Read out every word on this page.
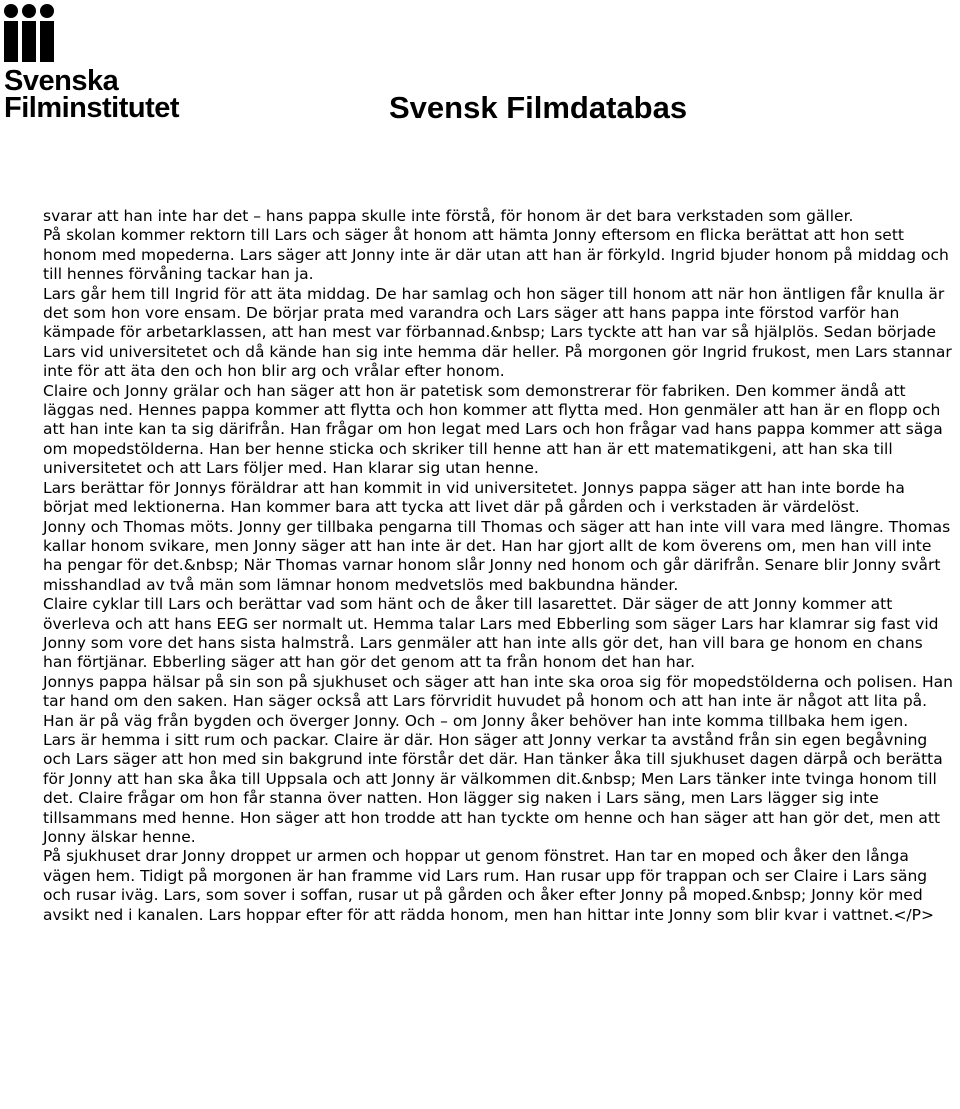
Svenska
Filminstitutet	Svensk Filmdatabas
svarar att han inte har det – hans pappa skulle inte förstå, för honom är det bara verkstaden som gäller.
På skolan kommer rektorn till Lars och säger åt honom att hämta Jonny eftersom en flicka berättat att hon sett honom med mopederna. Lars säger att Jonny inte är där utan att han är förkyld. Ingrid bjuder honom på middag och till hennes förvåning tackar han ja.
Lars går hem till Ingrid för att äta middag. De har samlag och hon säger till honom att när hon äntligen får knulla är det som hon vore ensam. De börjar prata med varandra och Lars säger att hans pappa inte förstod varför han kämpade för arbetarklassen, att han mest var förbannad.&nbsp; Lars tyckte att han var så hjälplös. Sedan började Lars vid universitetet och då kände han sig inte hemma där heller. På morgonen gör Ingrid frukost, men Lars stannar inte för att äta den och hon blir arg och vrålar efter honom.
Claire och Jonny grälar och han säger att hon är patetisk som demonstrerar för fabriken. Den kommer ändå att läggas ned. Hennes pappa kommer att flytta och hon kommer att flytta med. Hon genmäler att han är en flopp och att han inte kan ta sig därifrån. Han frågar om hon legat med Lars och hon frågar vad hans pappa kommer att säga om mopedstölderna. Han ber henne sticka och skriker till henne att han är ett matematikgeni, att han ska till universitetet och att Lars följer med. Han klarar sig utan henne.
Lars berättar för Jonnys föräldrar att han kommit in vid universitetet. Jonnys pappa säger att han inte borde ha börjat med lektionerna. Han kommer bara att tycka att livet där på gården och i verkstaden är värdelöst.
Jonny och Thomas möts. Jonny ger tillbaka pengarna till Thomas och säger att han inte vill vara med längre. Thomas kallar honom svikare, men Jonny säger att han inte är det. Han har gjort allt de kom överens om, men han vill inte ha pengar för det.&nbsp; När Thomas varnar honom slår Jonny ned honom och går därifrån. Senare blir Jonny svårt misshandlad av två män som lämnar honom medvetslös med bakbundna händer.
Claire cyklar till Lars och berättar vad som hänt och de åker till lasarettet. Där säger de att Jonny kommer att överleva och att hans EEG ser normalt ut. Hemma talar Lars med Ebberling som säger Lars har klamrar sig fast vid Jonny som vore det hans sista halmstrå. Lars genmäler att han inte alls gör det, han vill bara ge honom en chans han förtjänar. Ebberling säger att han gör det genom att ta från honom det han har.
Jonnys pappa hälsar på sin son på sjukhuset och säger att han inte ska oroa sig för mopedstölderna och polisen. Han tar hand om den saken. Han säger också att Lars förvridit huvudet på honom och att han inte är något att lita på. Han är på väg från bygden och överger Jonny. Och – om Jonny åker behöver han inte komma tillbaka hem igen.
Lars är hemma i sitt rum och packar. Claire är där. Hon säger att Jonny verkar ta avstånd från sin egen begåvning och Lars säger att hon med sin bakgrund inte förstår det där. Han tänker åka till sjukhuset dagen därpå och berätta för Jonny att han ska åka till Uppsala och att Jonny är välkommen dit.&nbsp; Men Lars tänker inte tvinga honom till det. Claire frågar om hon får stanna över natten. Hon lägger sig naken i Lars säng, men Lars lägger sig inte tillsammans med henne. Hon säger att hon trodde att han tyckte om henne och han säger att han gör det, men att Jonny älskar henne.
På sjukhuset drar Jonny droppet ur armen och hoppar ut genom fönstret. Han tar en moped och åker den långa vägen hem. Tidigt på morgonen är han framme vid Lars rum. Han rusar upp för trappan och ser Claire i Lars säng och rusar iväg. Lars, som sover i soffan, rusar ut på gården och åker efter Jonny på moped.&nbsp; Jonny kör med avsikt ned i kanalen. Lars hoppar efter för att rädda honom, men han hittar inte Jonny som blir kvar i vattnet.</P>
